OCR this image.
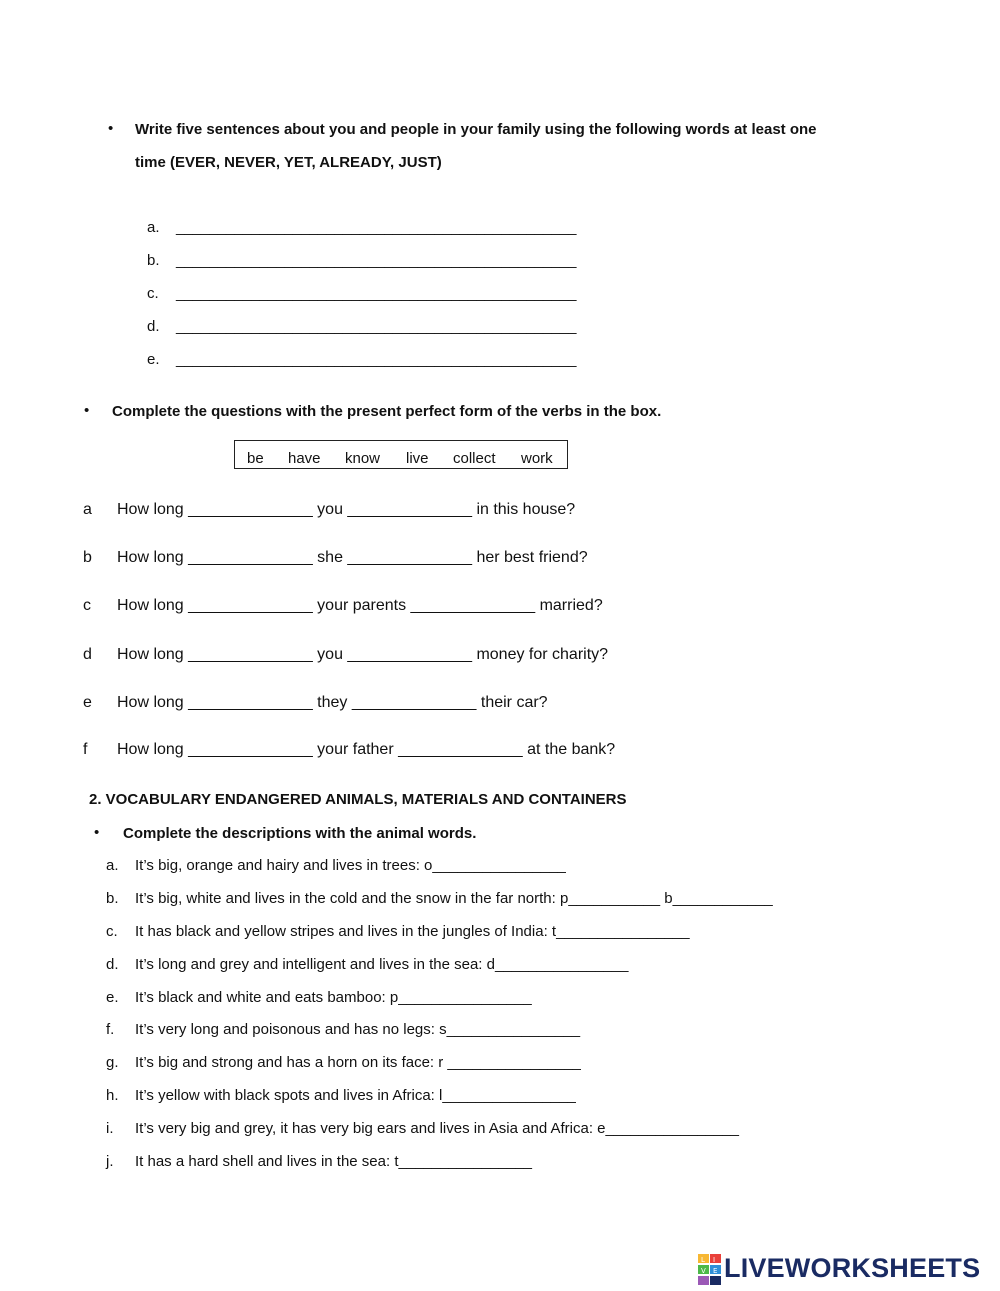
• Write five sentences about you and people in your family using the following words at least one
time (EVER, NEVER, YET, ALREADY, JUST)
a. ________________________________________________
b. ________________________________________________
c. ________________________________________________
d. ________________________________________________
e. ________________________________________________
• Complete the questions with the present perfect form of the verbs in the box.
be have know live collect work
a How long ______________ you ______________ in this house?
b How long ______________ she ______________ her best friend?
c How long ______________ your parents ______________ married?
d How long ______________ you ______________ money for charity?
e How long ______________ they ______________ their car?
f How long ______________ your father ______________ at the bank?
2. VOCABULARY ENDANGERED ANIMALS, MATERIALS AND CONTAINERS
• Complete the descriptions with the animal words.
a. It’s big, orange and hairy and lives in trees: o________________
b. It’s big, white and lives in the cold and the snow in the far north: p___________ b____________
c. It has black and yellow stripes and lives in the jungles of India: t________________
d. It’s long and grey and intelligent and lives in the sea: d________________
e. It’s black and white and eats bamboo: p________________
f. It’s very long and poisonous and has no legs: s________________
g. It’s big and strong and has a horn on its face: r ________________
h. It’s yellow with black spots and lives in Africa: l________________
i. It’s very big and grey, it has very big ears and lives in Asia and Africa: e________________
j. It has a hard shell and lives in the sea: t________________
L I
V E LIVEWORKSHEETS
